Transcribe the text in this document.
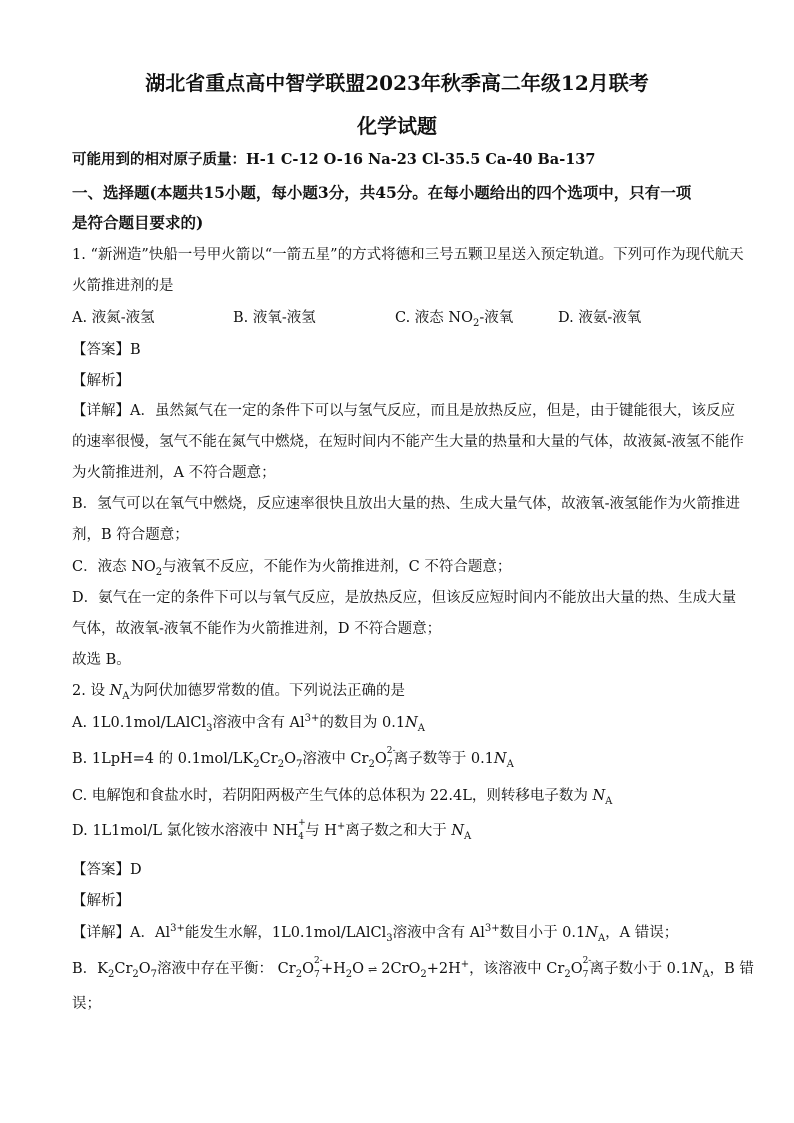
湖北省重点高中智学联盟2023年秋季高二年级12月联考
化学试题
可能用到的相对原子质量：H-1 C-12 O-16 Na-23 Cl-35.5 Ca-40 Ba-137
一、选择题(本题共15小题，每小题3分，共45分。在每小题给出的四个选项中，只有一项
是符合题目要求的)
1. “新洲造”快船一号甲火箭以“一箭五星”的方式将德和三号五颗卫星送入预定轨道。下列可作为现代航天
火箭推进剂的是
A. 液氮-液氢	B. 液氧-液氢	C. 液态 $NO_2-$液氧	D. 液氨-液氧
【答案】B
【解析】
【详解】A．虽然氮气在一定的条件下可以与氢气反应，而且是放热反应，但是，由于键能很大，该反应
的速率很慢，氢气不能在氮气中燃烧，在短时间内不能产生大量的热量和大量的气体，故液氮-液氢不能作
为火箭推进剂，A 不符合题意；
B．氢气可以在氧气中燃烧，反应速率很快且放出大量的热、生成大量气体，故液氧-液氢能作为火箭推进
剂，B 符合题意；
C．液态 $NO_2$与液氧不反应，不能作为火箭推进剂，C 不符合题意；
D．氨气在一定的条件下可以与氧气反应，是放热反应，但该反应短时间内不能放出大量的热、生成大量
气体，故液氧-液氧不能作为火箭推进剂，D 不符合题意；
故选 B。
2. 设 $N_A$为阿伏加德罗常数的值。下列说法正确的是
A. 1L0.1mol/LAlCl$_3$溶液中含有 $Al^{3+}$的数目为 $0.1N_A$
B. 1LpH=4 的 $0.1mol/LK_2Cr_2O_7$溶液中 $Cr_2O$ 2-
7 离子数等于 $0.1N_A$
C. 电解饱和食盐水时，若阴阳两极产生气体的总体积为 22.4L，则转移电子数为 $N_A$
D. 1L1mol/L 氯化铵水溶液中 NH +
4 与 H+离子数之和大于 $N_A$
【答案】D
【解析】
【详解】A．$Al^{3+}$能发生水解，1L0.1mol/LAlCl$_3$溶液中含有 $Al^{3+}$数目小于 $0.1N_A$，A 错误；
B．$K_2Cr_2O_7$溶液中存在平衡： $Cr_2O$ 2-
$7 +H_2O$ ⇌ 2CrO$_2$+2H+，该溶液中 $Cr_2O$ 2-
7 离子数小于 $0.1N_A$，B 错
误；
